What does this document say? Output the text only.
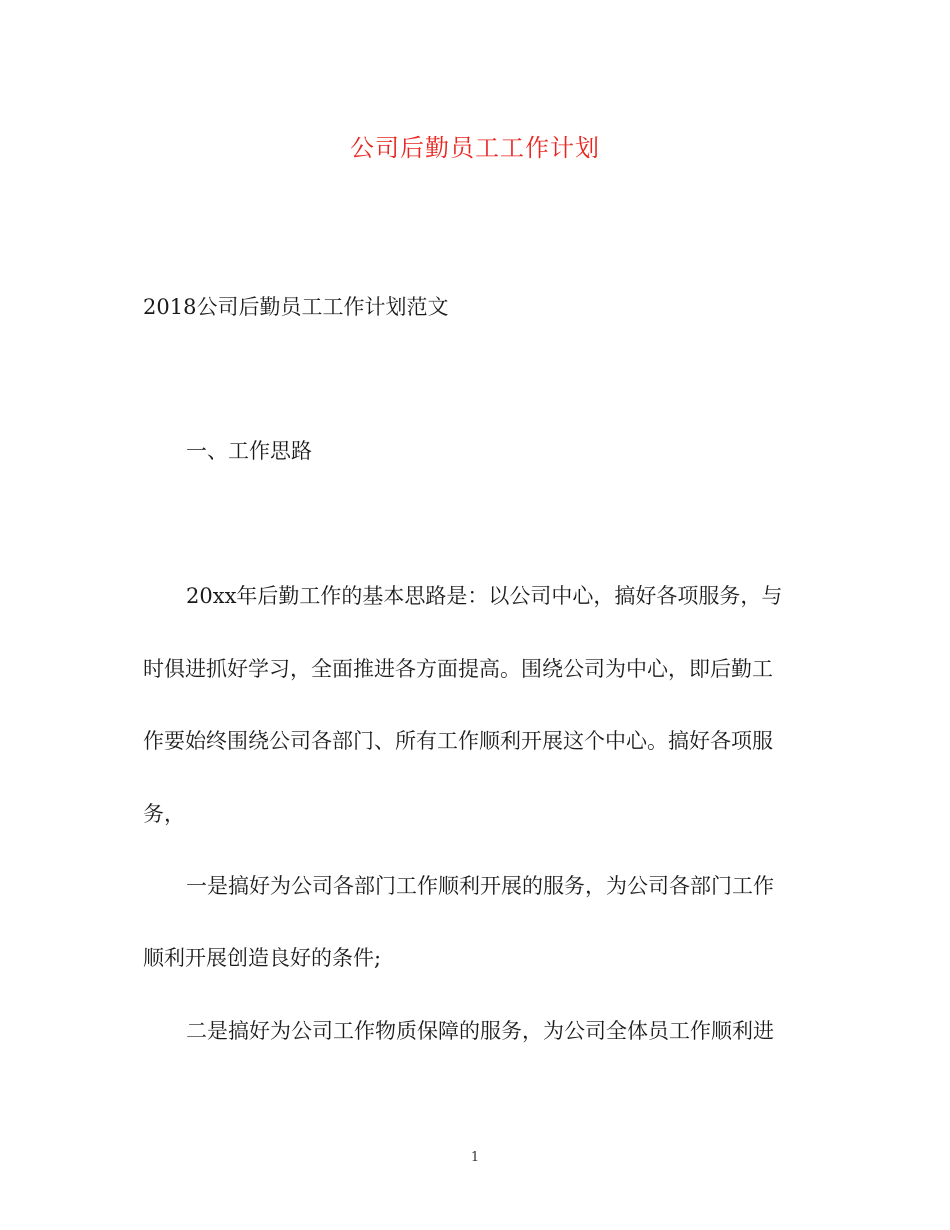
公司后勤员工工作计划
2018公司后勤员工工作计划范文
一、工作思路
20xx年后勤工作的基本思路是：以公司中心，搞好各项服务，与
时俱进抓好学习，全面推进各方面提高。围绕公司为中心，即后勤工
作要始终围绕公司各部门、所有工作顺利开展这个中心。搞好各项服
务，
一是搞好为公司各部门工作顺利开展的服务，为公司各部门工作
顺利开展创造良好的条件;
二是搞好为公司工作物质保障的服务，为公司全体员工作顺利进
1
